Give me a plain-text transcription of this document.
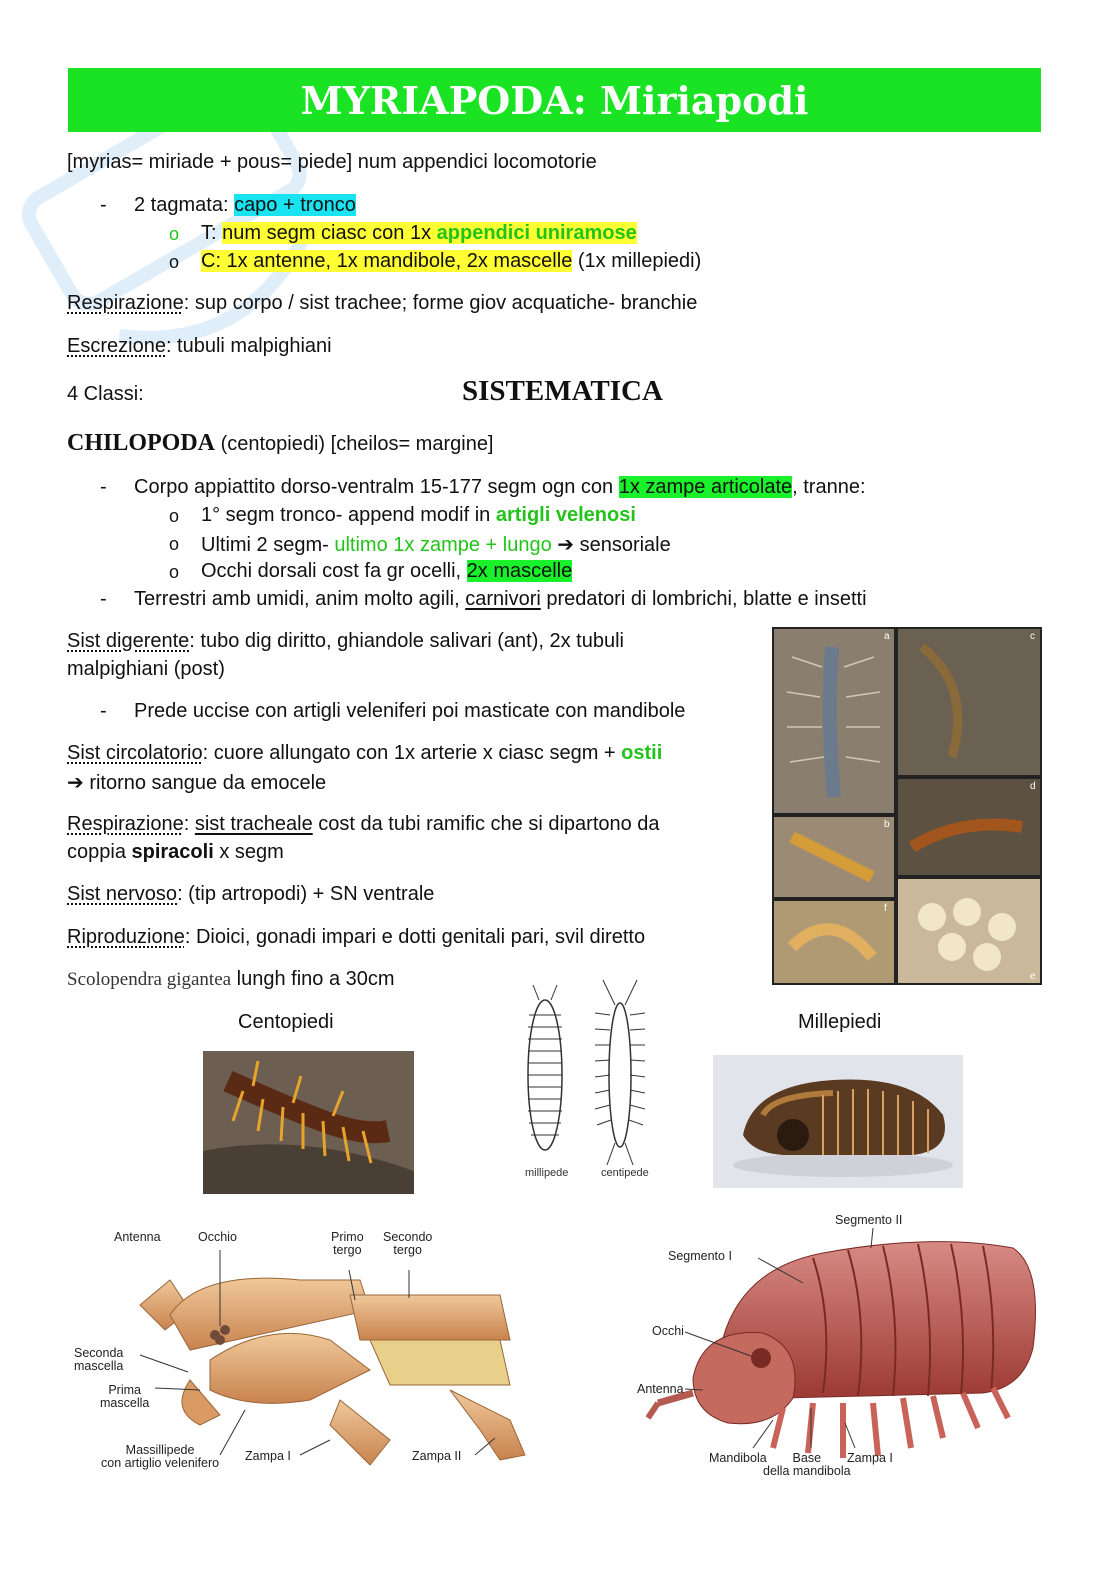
MYRIAPODA: Miriapodi
[myrias= miriade + pous= piede] num appendici locomotorie
- 2 tagmata: capo + tronco
o T: num segm ciasc con 1x appendici uniramose
o C: 1x antenne, 1x mandibole, 2x mascelle (1x millepiedi)
Respirazione: sup corpo / sist trachee; forme giov acquatiche- branchie
Escrezione: tubuli malpighiani
4 Classi:	SISTEMATICA
CHILOPODA (centopiedi) [cheilos= margine]
- Corpo appiattito dorso-ventralm 15-177 segm ogn con 1x zampe articolate, tranne:
o 1° segm tronco- append modif in artigli velenosi
o Ultimi 2 segm- ultimo 1x zampe + lungo ➔ sensoriale
o Occhi dorsali cost fa gr ocelli, 2x mascelle
- Terrestri amb umidi, anim molto agili, carnivori predatori di lombrichi, blatte e insetti
Sist digerente: tubo dig diritto, ghiandole salivari (ant), 2x tubuli
malpighiani (post)
- Prede uccise con artigli veleniferi poi masticate con mandibole
Sist circolatorio: cuore allungato con 1x arterie x ciasc segm + ostii
➔ ritorno sangue da emocele
Respirazione: sist tracheale cost da tubi ramific che si dipartono da
coppia spiracoli x segm
Sist nervoso: (tip artropodi) + SN ventrale
Riproduzione: Dioici, gonadi impari e dotti genitali pari, svil diretto
Scolopendra gigantea lungh fino a 30cm
a	c
b
d
f
e
Centopiedi	Millepiedi
millipede	centipede
Antenna	Occhio	Primo
tergo
Secondo
tergo
Seconda
mascella
Prima
mascella
Massillipede
con artiglio velenifero Zampa I	Zampa II
Segmento II
Segmento I
Occhi
Antenna
Mandibola	Base
della mandibola
Zampa I
